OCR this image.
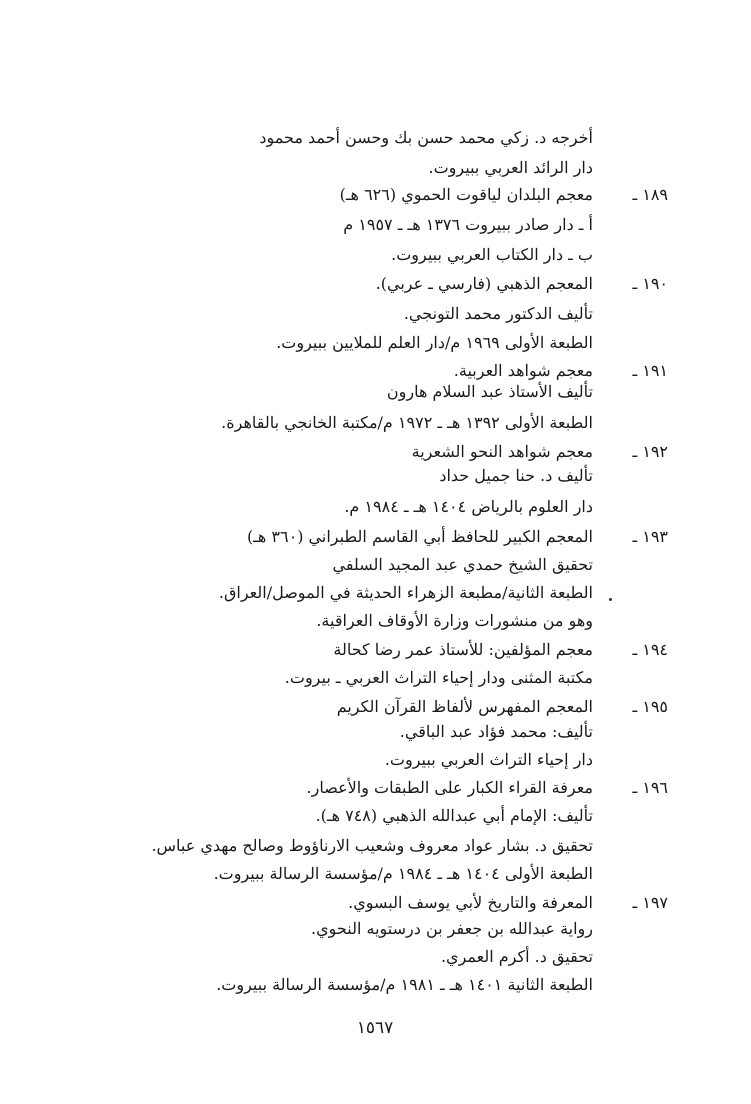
أخرجه د. زكي محمد حسن بك وحسن أحمد محمود
دار الرائد العربي ببيروت.
١٨٩ ـ
معجم البلدان لياقوت الحموي (٦٢٦ هـ)
أ ـ دار صادر ببيروت ١٣٧٦ هـ ـ ١٩٥٧ م
ب ـ دار الكتاب العربي ببيروت.
١٩٠ ـ
المعجم الذهبي (فارسي ـ عربي).
تأليف الدكتور محمد التونجي.
الطبعة الأولى ١٩٦٩ م/دار العلم للملايين ببيروت.
١٩١ ـ
معجم شواهد العربية.
تأليف الأستاذ عبد السلام هارون
الطبعة الأولى ١٣٩٢ هـ ـ ١٩٧٢ م/مكتبة الخانجي بالقاهرة.
١٩٢ ـ
معجم شواهد النحو الشعرية
تأليف د. حنا جميل حداد
دار العلوم بالرياض ١٤٠٤ هـ ـ ١٩٨٤ م.
١٩٣ ـ
المعجم الكبير للحافظ أبي القاسم الطبراني (٣٦٠ هـ)
تحقيق الشيخ حمدي عبد المجيد السلفي
الطبعة الثانية/مطبعة الزهراء الحديثة في الموصل/العراق.
وهو من منشورات وزارة الأوقاف العراقية.
١٩٤ ـ
معجم المؤلفين: للأستاذ عمر رضا كحالة
مكتبة المثنى ودار إحياء التراث العربي ـ بيروت.
١٩٥ ـ
المعجم المفهرس لألفاظ القرآن الكريم
تأليف: محمد فؤاد عبد الباقي.
دار إحياء التراث العربي ببيروت.
١٩٦ ـ
معرفة القراء الكبار على الطبقات والأعصار.
تأليف: الإمام أبي عبدالله الذهبي (٧٤٨ هـ).
تحقيق د. بشار عواد معروف وشعيب الارناؤوط وصالح مهدي عباس.
الطبعة الأولى ١٤٠٤ هـ ـ ١٩٨٤ م/مؤسسة الرسالة ببيروت.
١٩٧ ـ
المعرفة والتاريخ لأبي يوسف البسوي.
رواية عبدالله بن جعفر بن درستويه النحوي.
تحقيق د. أكرم العمري.
الطبعة الثانية ١٤٠١ هـ ـ ١٩٨١ م/مؤسسة الرسالة ببيروت.
١٥٦٧
